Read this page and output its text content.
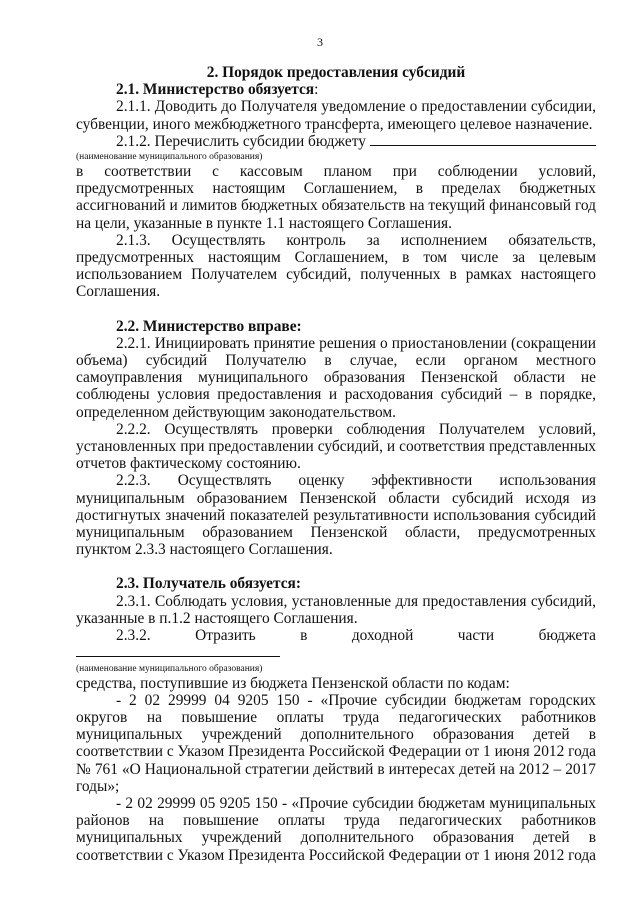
3

2. Порядок предоставления субсидий

2.1. Министерство обязуется:

2.1.1. Доводить до Получателя уведомление о предоставлении субсидии, субвенции, иного межбюджетного трансферта, имеющего целевое назначение.

2.1.2. Перечислить субсидии бюджету

(наименование муниципального образования)

в соответствии с кассовым планом при соблюдении условий, предусмотренных настоящим Соглашением, в пределах бюджетных ассигнований и лимитов бюджетных обязательств на текущий финансовый год на цели, указанные в пункте 1.1 настоящего Соглашения.

2.1.3. Осуществлять контроль за исполнением обязательств, предусмотренных настоящим Соглашением, в том числе за целевым использованием Получателем субсидий, полученных в рамках настоящего Соглашения.

2.2. Министерство вправе:

2.2.1. Инициировать принятие решения о приостановлении (сокращении объема) субсидий Получателю в случае, если органом местного самоуправления муниципального образования Пензенской области не соблюдены условия предоставления и расходования субсидий – в порядке, определенном действующим законодательством.

2.2.2. Осуществлять проверки соблюдения Получателем условий, установленных при предоставлении субсидий, и соответствия представленных отчетов фактическому состоянию.

2.2.3. Осуществлять оценку эффективности использования муниципальным образованием Пензенской области субсидий исходя из достигнутых значений показателей результативности использования субсидий муниципальным образованием Пензенской области, предусмотренных пунктом 2.3.3 настоящего Соглашения.

2.3. Получатель обязуется:

2.3.1. Соблюдать условия, установленные для предоставления субсидий, указанные в п.1.2 настоящего Соглашения.

2.3.2. Отразить в доходной части бюджета

(наименование муниципального образования)

средства, поступившие из бюджета Пензенской области по кодам:

- 2 02 29999 04 9205 150 - «Прочие субсидии бюджетам городских округов на повышение оплаты труда педагогических работников муниципальных учреждений дополнительного образования детей в соответствии с Указом Президента Российской Федерации от 1 июня 2012 года № 761 «О Национальной стратегии действий в интересах детей на 2012 – 2017 годы»;

- 2 02 29999 05 9205 150 - «Прочие субсидии бюджетам муниципальных районов на повышение оплаты труда педагогических работников муниципальных учреждений дополнительного образования детей в соответствии с Указом Президента Российской Федерации от 1 июня 2012 года
